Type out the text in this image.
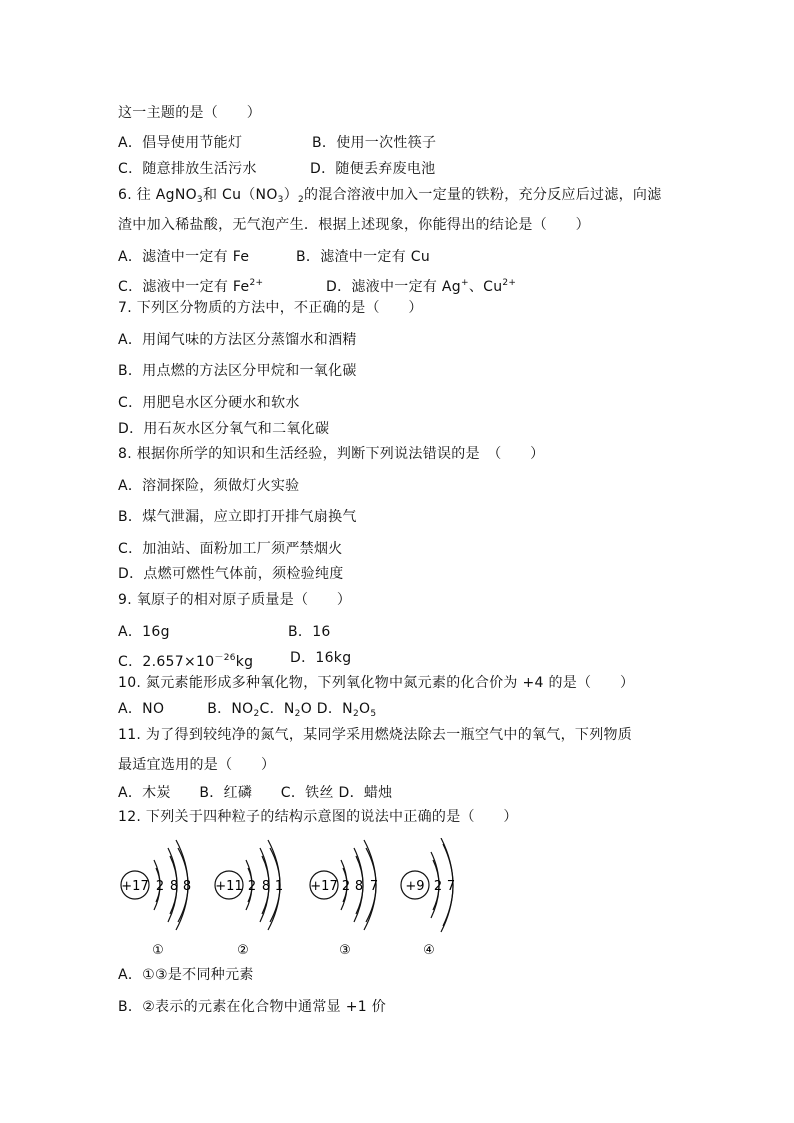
这一主题的是（　　）
A．倡导使用节能灯	B．使用一次性筷子
C．随意排放生活污水	D．随便丢弃废电池
6. 往 AgNO$_3$和 $Cu(NO_3)_2$的混合溶液中加入一定量的铁粉，充分反应后过滤，向滤
渣中加入稀盐酸，无气泡产生．根据上述现象，你能得出的结论是（　　）
A．滤渣中一定有 Fe	B．滤渣中一定有 Cu
C．滤液中一定有 $Fe^{2+}$	D．滤液中一定有 Ag+、$Cu^{2+}$
7. 下列区分物质的方法中，不正确的是（　　）
A．用闻气味的方法区分蒸馏水和酒精
B．用点燃的方法区分甲烷和一氧化碳
C．用肥皂水区分硬水和软水
D．用石灰水区分氧气和二氧化碳
8. 根据你所学的知识和生活经验，判断下列说法错误的是　（　　）
A．溶洞探险，须做灯火实验
B．煤气泄漏，应立即打开排气扇换气
C．加油站、面粉加工厂须严禁烟火
D．点燃可燃性气体前，须检验纯度
9. 氧原子的相对原子质量是（　　）
A．16g	B．16
C．$2.657\times 10^{-26}kg$	D．16kg
10. 氮元素能形成多种氧化物，下列氧化物中氮元素的化合价为 +4 的是（　　）
A．NO　　　	B．$NO_2C$．$N_2O$ D．$N_2O_5$
11. 为了得到较纯净的氮气，某同学采用燃烧法除去一瓶空气中的氧气，下列物质
最适宜选用的是（　　）
A．木炭　　B．红磷　　C．铁丝 D．蜡烛
12. 下列关于四种粒子的结构示意图的说法中正确的是（　　）
+17 2 8 8
①
+11 2 8 1
②
+17 2 8 7
③
+9 2 7
④
A．①③是不同种元素
B．②表示的元素在化合物中通常显 +1 价
